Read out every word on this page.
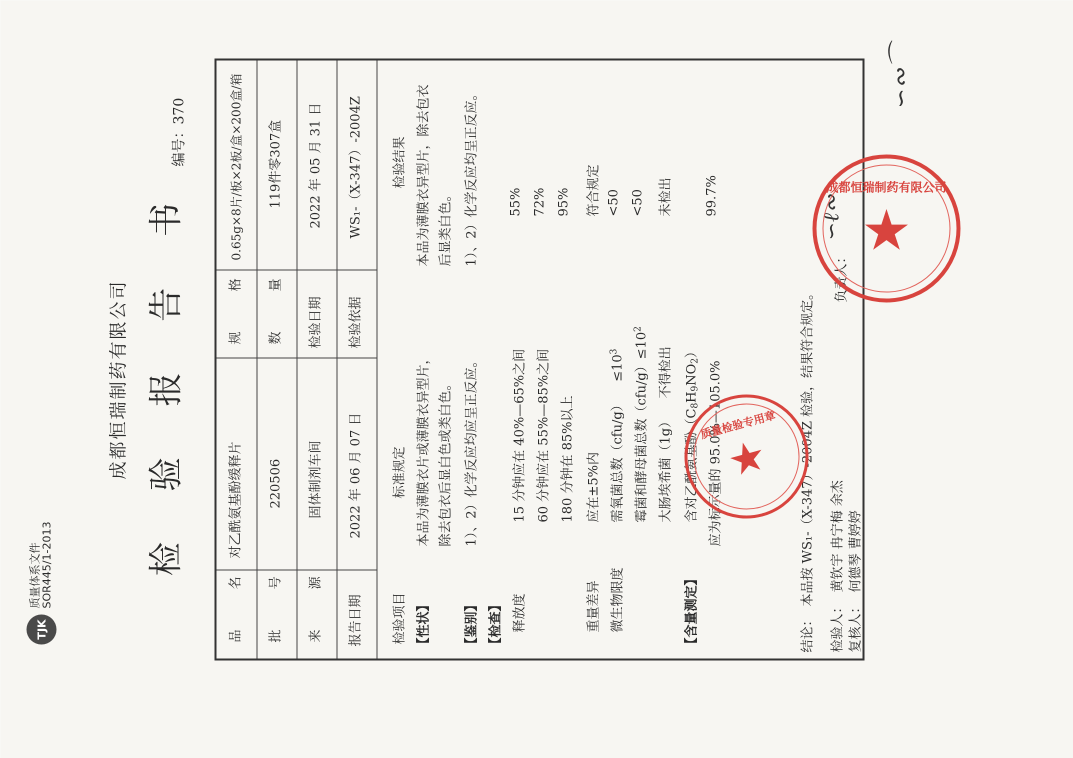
TJK
质量体系文件 SOR445/1-2013
成都恒瑞制药有限公司 检 验 报 告 书
编号：370
品 名
对乙酰氨基酚缓释片
规 格
0.65g×8片/板×2板/盒×200盒/箱
批 号
220506
数 量
119件零307盒
来 源
固体制剂车间
检验日期
2022 年 05 月 31 日
报告日期
2022 年 06 月 07 日
检验依据
WS₁-（X-347）-2004Z
检验项目
标准规定
检验结果
【性状】
本品为薄膜衣片或薄膜衣异型片， 除去包衣后显白色或类白色。
本品为薄膜衣异型片，除去包衣 后显类白色。
【鉴别】
1）、2）化学反应均应呈正反应。
1）、2）化学反应均呈正反应。
【检查】 释放度
15 分钟应在 40%—65%之间
55%
60 分钟应在 55%—85%之间
72%
180 分钟在 85%以上
95%
重量差异
应在±5%内
符合规定
微生物限度
需氧菌总数（cfu/g）    $\le 10^3$
<50
霉菌和酵母菌总数$(cfu/g)\le 10^2$
<50
大肠埃希菌（1g）    不得检出
未检出
【含量测定】
含对乙酰氨基酚$(C_8H_9NO_2)$
应为标示量的 95.0%—105.0%
99.7%
结论：
本品按 WS₁-（X-347）-2004Z 检验，结果符合规定。
检验人：
黄钦宇 冉宁梅 余杰
复核人：
何德琴 曹婷婷
负责人：
∽ℓ∾
质量检验专用章
★
成都恒瑞制药有限公司
★
∽∾⌒
